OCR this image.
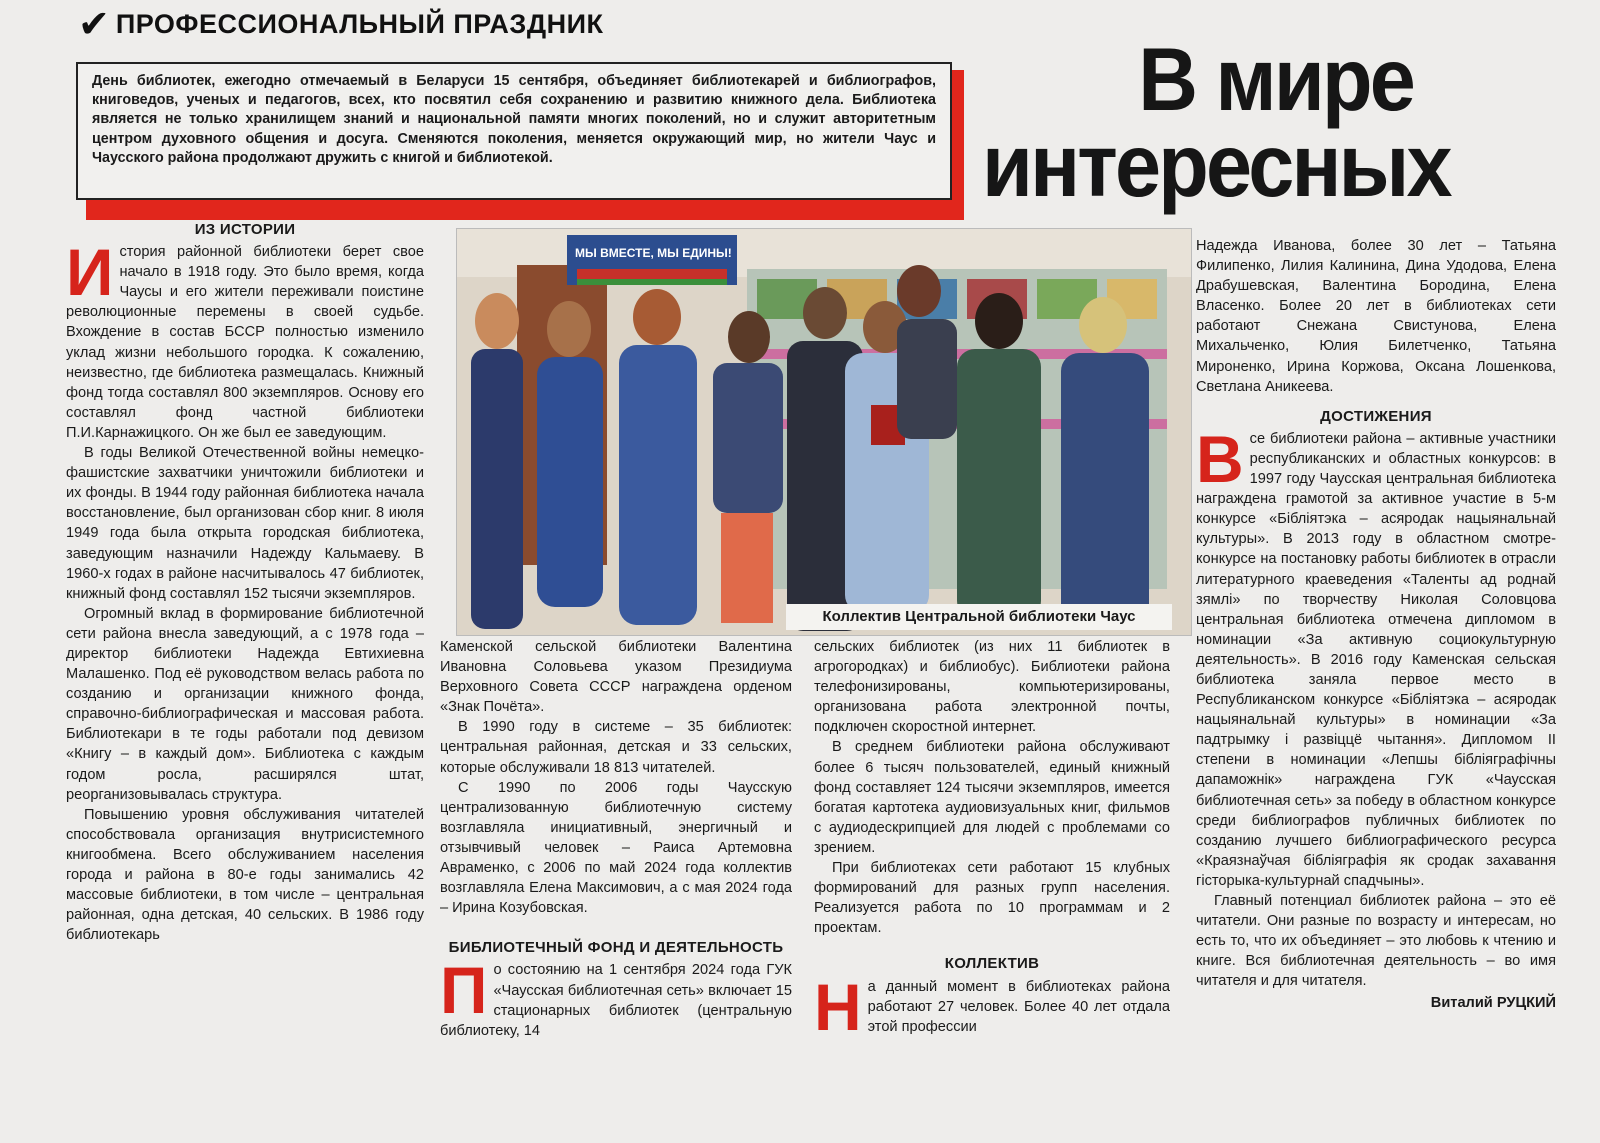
✔ ПРОФЕССИОНАЛЬНЫЙ ПРАЗДНИК
День библиотек, ежегодно отмечаемый в Беларуси 15 сентября, объединяет библиотекарей и библиографов, книговедов, ученых и педагогов, всех, кто посвятил себя сохранению и развитию книжного дела. Библиотека является не только хранилищем знаний и национальной памяти многих поколений, но и служит авторитетным центром духовного общения и досуга. Сменяются поколения, меняется окружающий мир, но жители Чаус и Чаусского района продолжают дружить с книгой и библиотекой.
В мире
интересных
ИЗ ИСТОРИИ

История районной библиотеки берет свое начало в 1918 году. Это было время, когда Чаусы и его жители переживали поистине революционные перемены в своей судьбе. Вхождение в состав БССР полностью изменило уклад жизни небольшого городка. К сожалению, неизвестно, где библиотека размещалась. Книжный фонд тогда составлял 800 экземпляров. Основу его составлял фонд частной библиотеки П.И.Карнажицкого. Он же был ее заведующим.

В годы Великой Отечественной войны немецко-фашистские захватчики уничтожили библиотеки и их фонды. В 1944 году районная библиотека начала восстановление, был организован сбор книг. 8 июля 1949 года была открыта городская библиотека, заведующим назначили Надежду Кальмаеву. В 1960-х годах в районе насчитывалось 47 библиотек, книжный фонд составлял 152 тысячи экземпляров.

Огромный вклад в формирование библиотечной сети района внесла заведующий, а с 1978 года – директор библиотеки Надежда Евтихиевна Малашенко. Под её руководством велась работа по созданию и организации книжного фонда, справочно-библиографическая и массовая работа. Библиотекари в те годы работали под девизом «Книгу – в каждый дом». Библиотека с каждым годом росла, расширялся штат, реорганизовывалась структура.

Повышению уровня обслуживания читателей способствовала организация внутрисистемного книгообмена. Всего обслуживанием населения города и района в 80-е годы занимались 42 массовые библиотеки, в том числе – центральная районная, одна детская, 40 сельских. В 1986 году библиотекарь

МЫ ВМЕСТЕ, МЫ ЕДИНЫ!
Коллектив Центральной библиотеки Чаус

Каменской сельской библиотеки Валентина Ивановна Соловьева указом Президиума Верховного Совета СССР награждена орденом «Знак Почёта».

В 1990 году в системе – 35 библиотек: центральная районная, детская и 33 сельских, которые обслуживали 18 813 читателей.

С 1990 по 2006 годы Чаусскую централизованную библиотечную систему возглавляла инициативный, энергичный и отзывчивый человек – Раиса Артемовна Авраменко, с 2006 по май 2024 года коллектив возглавляла Елена Максимович, а с мая 2024 года – Ирина Козубовская.

БИБЛИОТЕЧНЫЙ ФОНД И ДЕЯТЕЛЬНОСТЬ

По состоянию на 1 сентября 2024 года ГУК «Чаусская библиотечная сеть» включает 15 стационарных библиотек (центральную библиотеку, 14

сельских библиотек (из них 11 библиотек в агрогородках) и библиобус). Библиотеки района телефонизированы, компьютеризированы, организована работа электронной почты, подключен скоростной интернет.

В среднем библиотеки района обслуживают более 6 тысяч пользователей, единый книжный фонд составляет 124 тысячи экземпляров, имеется богатая картотека аудиовизуальных книг, фильмов с аудиодескрипцией для людей с проблемами со зрением.

При библиотеках сети работают 15 клубных формирований для разных групп населения. Реализуется работа по 10 программам и 2 проектам.

КОЛЛЕКТИВ

На данный момент в библиотеках района работают 27 человек. Более 40 лет отдала этой профессии

Надежда Иванова, более 30 лет – Татьяна Филипенко, Лилия Калинина, Дина Удодова, Елена Драбушевская, Валентина Бородина, Елена Власенко. Более 20 лет в библиотеках сети работают Снежана Свистунова, Елена Михальченко, Юлия Билетченко, Татьяна Мироненко, Ирина Коржова, Оксана Лошенкова, Светлана Аникеева.

ДОСТИЖЕНИЯ

Все библиотеки района – активные участники республиканских и областных конкурсов: в 1997 году Чаусская центральная библиотека награждена грамотой за активное участие в 5-м конкурсе «Бібліятэка – асяродак нацыянальнай культуры». В 2013 году в областном смотре-конкурсе на постановку работы библиотек в отрасли литературного краеведения «Таленты ад роднай зямлі» по творчеству Николая Соловцова центральная библиотека отмечена дипломом в номинации «За активную социокультурную деятельность». В 2016 году Каменская сельская библиотека заняла первое место в Республиканском конкурсе «Бібліятэка – асяродак нацыянальнай культуры» в номинации «За падтрымку і развіццё чытання». Дипломом II степени в номинации «Лепшы бібліяграфічны дапаможнік» награждена ГУК «Чаусская библиотечная сеть» за победу в областном конкурсе среди библиографов публичных библиотек по созданию лучшего библиографического ресурса «Краязнаўчая бібліяграфія як сродак захавання гісторыка-культурнай спадчыны».

Главный потенциал библиотек района – это её читатели. Они разные по возрасту и интересам, но есть то, что их объединяет – это любовь к чтению и книге. Вся библиотечная деятельность – во имя читателя и для читателя.

Виталий РУЦКИЙ
